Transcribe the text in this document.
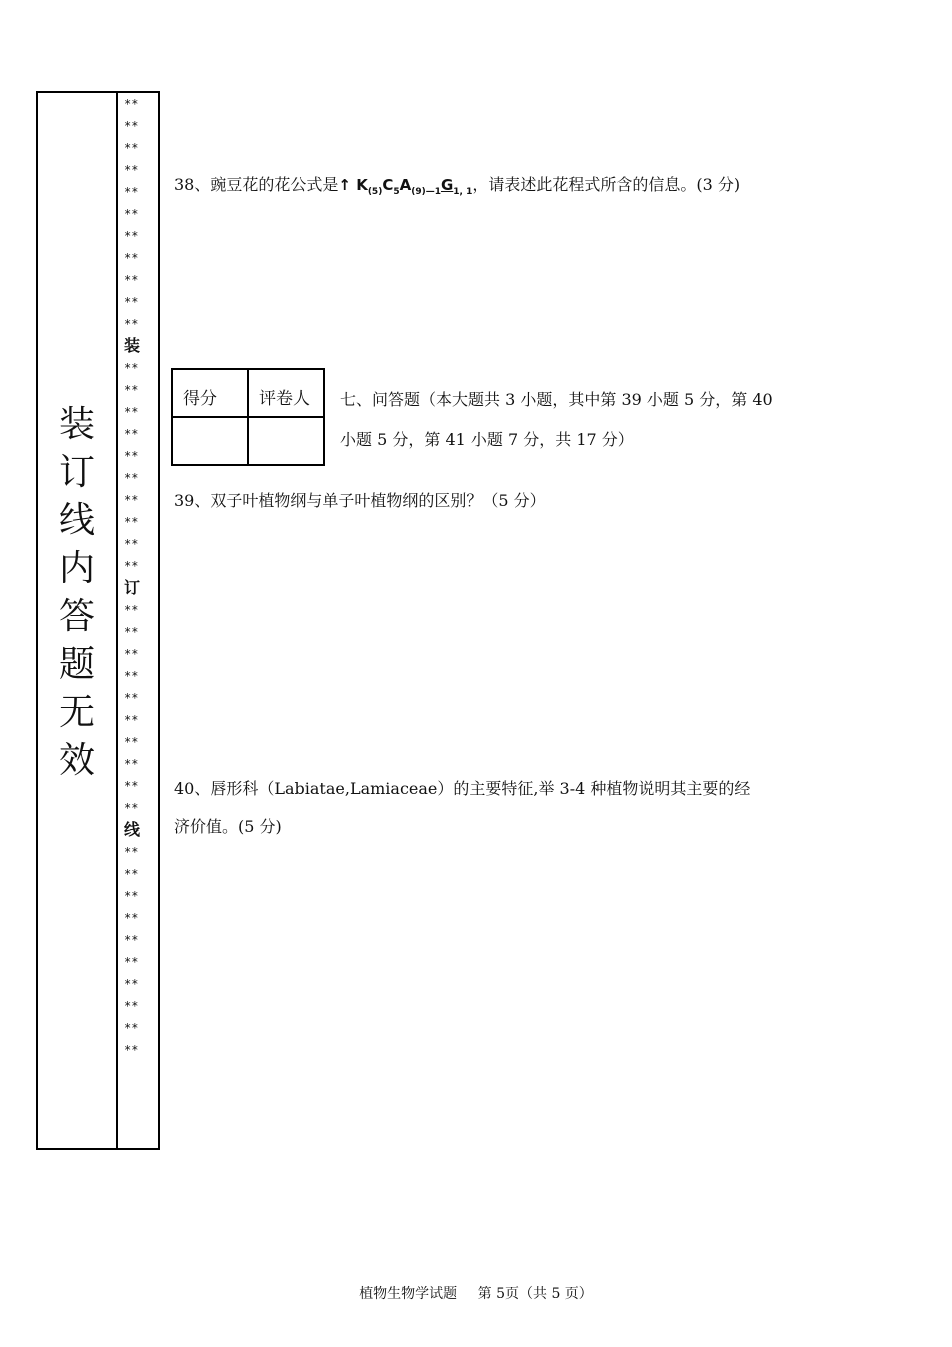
装
订
线
内
答
题
无
效
**
**
**
**
**
**
**
**
**
**
**
装
**
**
**
**
**
**
**
**
**
**
订
**
**
**
**
**
**
**
**
**
**
线
**
**
**
**
**
**
**
**
**
**
38、豌豆花的花公式是↑ $K_{(5)}C_5A_{(9)—1}G_{1, 1}$，请表述此花程式所含的信息。(3 分)
得分 评卷人 七、问答题（本大题共 3 小题，其中第 39 小题 5 分，第 40
小题 5 分，第 41 小题 7 分，共 17 分）
39、双子叶植物纲与单子叶植物纲的区别？（5 分）
40、唇形科（Labiatae,Lamiaceae）的主要特征,举 3-4 种植物说明其主要的经
济价值。(5 分)
植物生物学试题 第 5页（共 5 页）
